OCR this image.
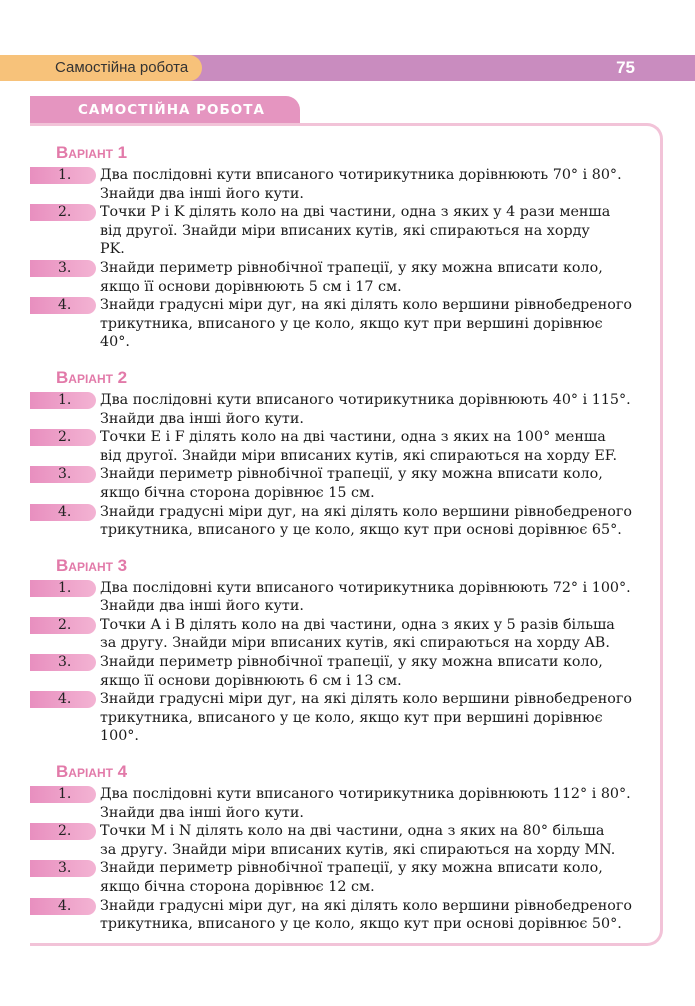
Самостійна робота	75
САМОСТІЙНА РОБОТА
Варіант 1
1.	Два послідовні кути вписаного чотирикутника дорівнюють 70° і 80°.
Знайди два інші його кути.
2.	Точки P і K ділять коло на дві частини, одна з яких у 4 рази менша
від другої. Знайди міри вписаних кутів, які спираються на хорду
PK.
3.	Знайди периметр рівнобічної трапеції, у яку можна вписати коло,
якщо її основи дорівнюють 5 см і 17 см.
4.	Знайди градусні міри дуг, на які ділять коло вершини рівнобедреного
трикутника, вписаного у це коло, якщо кут при вершині дорівнює
40°.
Варіант 2
1.	Два послідовні кути вписаного чотирикутника дорівнюють 40° і 115°.
Знайди два інші його кути.
2.	Точки E і F ділять коло на дві частини, одна з яких на 100° менша
від другої. Знайди міри вписаних кутів, які спираються на хорду EF.
3.	Знайди периметр рівнобічної трапеції, у яку можна вписати коло,
якщо бічна сторона дорівнює 15 см.
4.	Знайди градусні міри дуг, на які ділять коло вершини рівнобедреного
трикутника, вписаного у це коло, якщо кут при основі дорівнює 65°.
Варіант 3
1.	Два послідовні кути вписаного чотирикутника дорівнюють 72° і 100°.
Знайди два інші його кути.
2.	Точки A і B ділять коло на дві частини, одна з яких у 5 разів більша
за другу. Знайди міри вписаних кутів, які спираються на хорду AB.
3.	Знайди периметр рівнобічної трапеції, у яку можна вписати коло,
якщо її основи дорівнюють 6 см і 13 см.
4.	Знайди градусні міри дуг, на які ділять коло вершини рівнобедреного
трикутника, вписаного у це коло, якщо кут при вершині дорівнює
100°.
Варіант 4
1.	Два послідовні кути вписаного чотирикутника дорівнюють 112° і 80°.
Знайди два інші його кути.
2.	Точки M і N ділять коло на дві частини, одна з яких на 80° більша
за другу. Знайди міри вписаних кутів, які спираються на хорду MN.
3.	Знайди периметр рівнобічної трапеції, у яку можна вписати коло,
якщо бічна сторона дорівнює 12 см.
4.	Знайди градусні міри дуг, на які ділять коло вершини рівнобедреного
трикутника, вписаного у це коло, якщо кут при основі дорівнює 50°.
